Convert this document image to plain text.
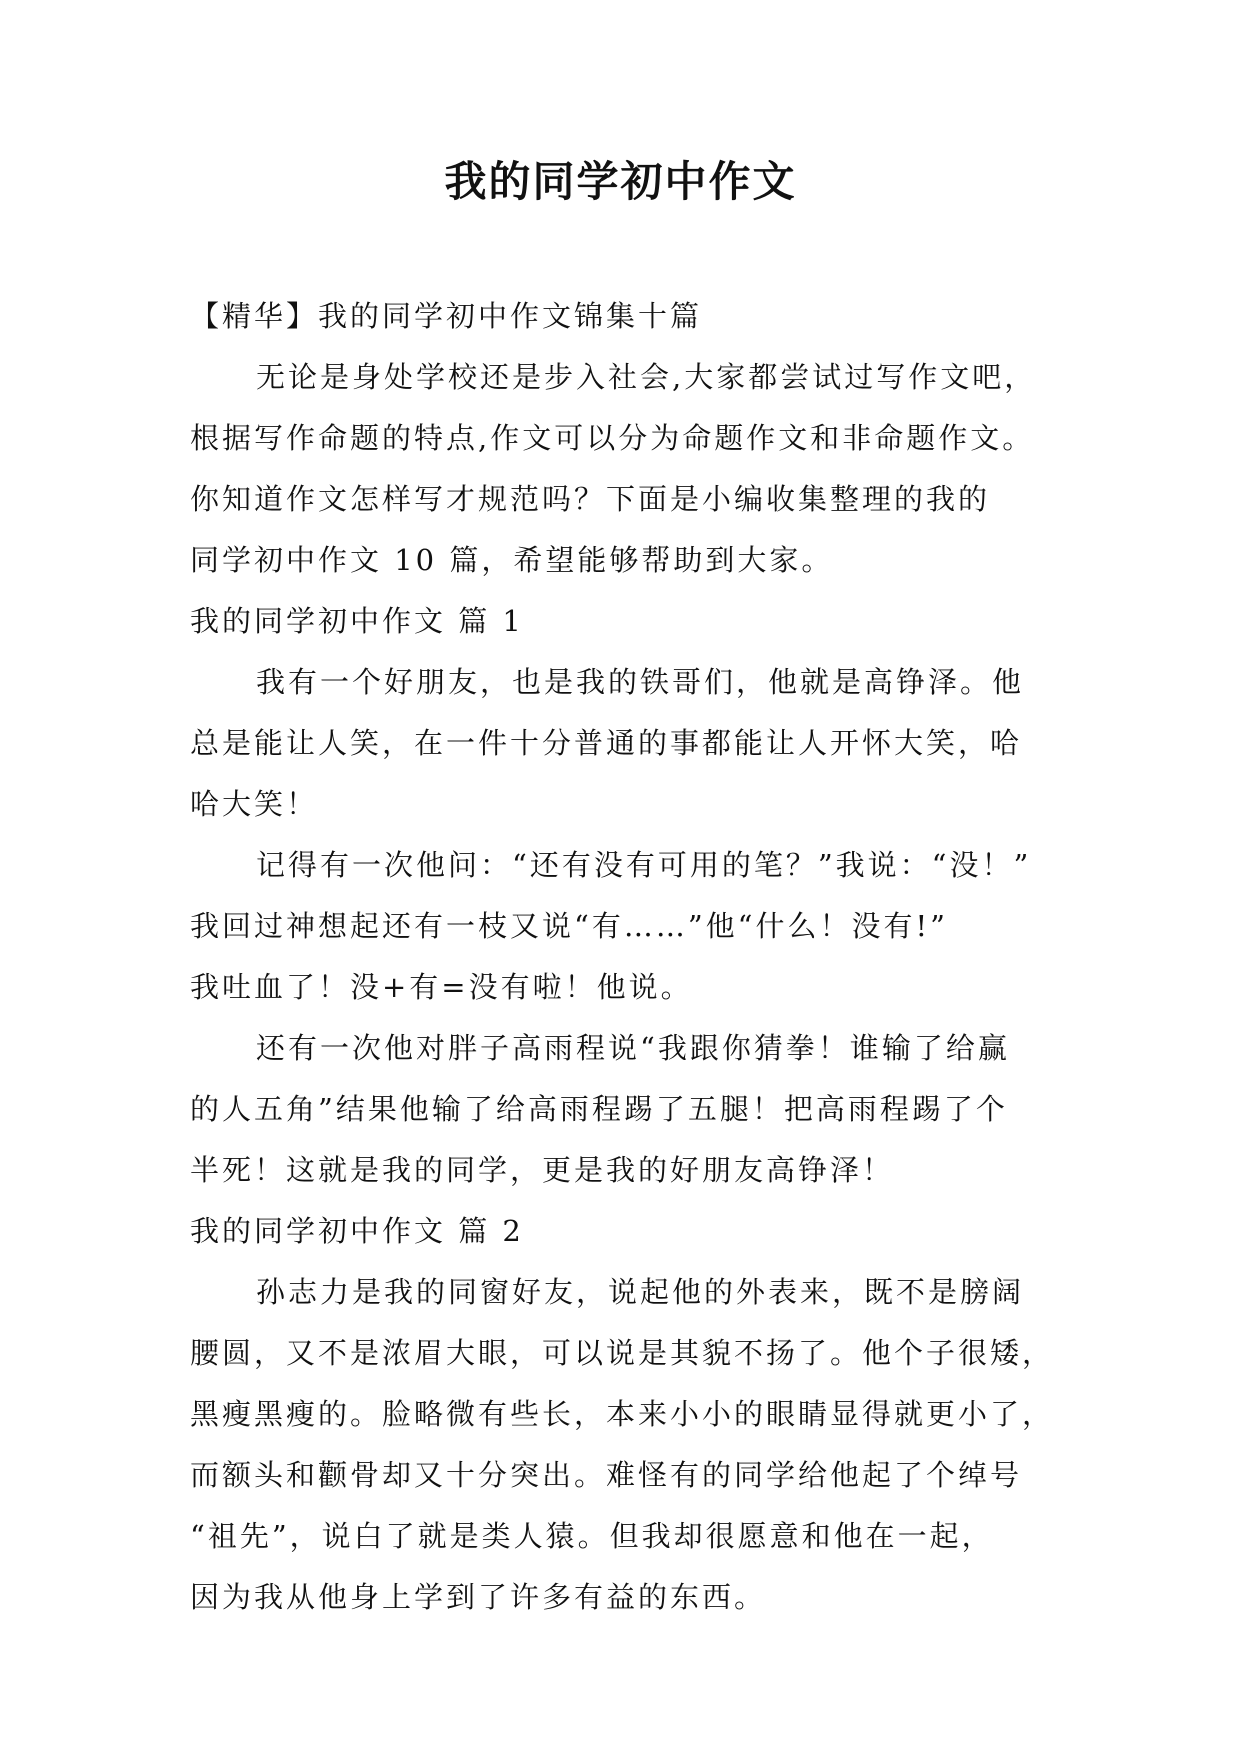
我的同学初中作文
【精华】我的同学初中作文锦集十篇
无论是身处学校还是步入社会,大家都尝试过写作文吧，
根据写作命题的特点,作文可以分为命题作文和非命题作文。
你知道作文怎样写才规范吗？下面是小编收集整理的我的
同学初中作文 10 篇，希望能够帮助到大家。
我的同学初中作文 篇 1
我有一个好朋友，也是我的铁哥们，他就是高铮泽。他
总是能让人笑，在一件十分普通的事都能让人开怀大笑，哈
哈大笑！
记得有一次他问：“还有没有可用的笔？”我说：“没！”
我回过神想起还有一枝又说“有……”他“什么！没有!”
我吐血了！没+有=没有啦！他说。
还有一次他对胖子高雨程说“我跟你猜拳！谁输了给赢
的人五角”结果他输了给高雨程踢了五腿！把高雨程踢了个
半死！这就是我的同学，更是我的好朋友高铮泽！
我的同学初中作文 篇 2
孙志力是我的同窗好友，说起他的外表来，既不是膀阔
腰圆，又不是浓眉大眼，可以说是其貌不扬了。他个子很矮，
黑瘦黑瘦的。脸略微有些长，本来小小的眼睛显得就更小了，
而额头和颧骨却又十分突出。难怪有的同学给他起了个绰号
“祖先”，说白了就是类人猿。但我却很愿意和他在一起，
因为我从他身上学到了许多有益的东西。
